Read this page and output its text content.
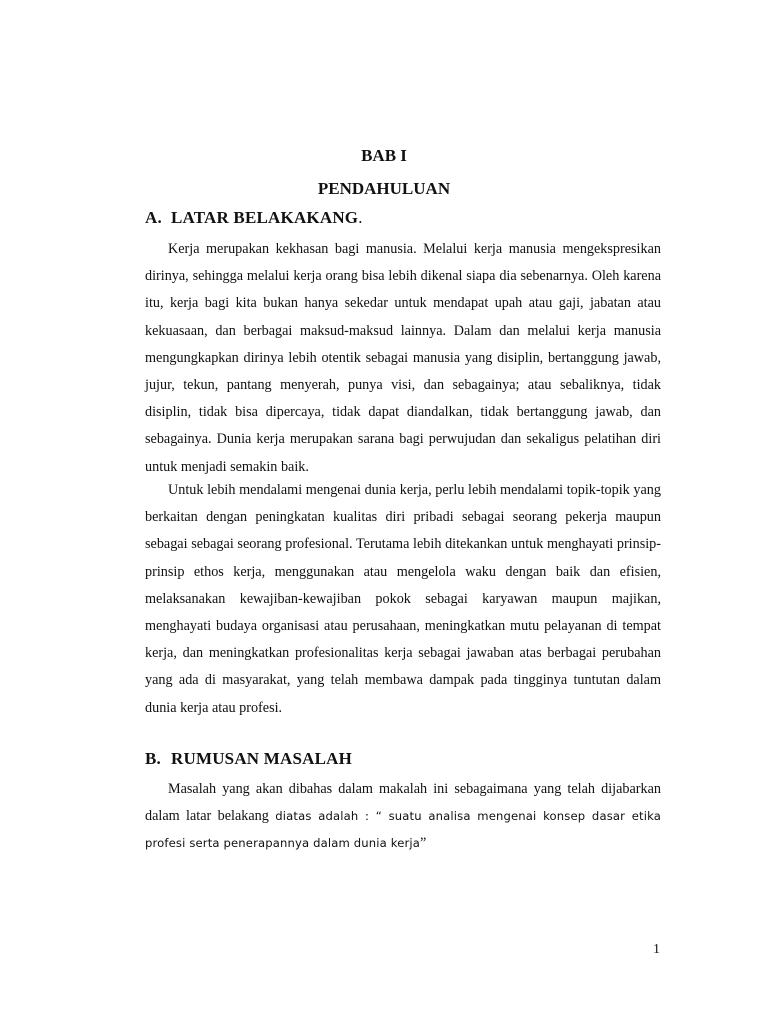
BAB I
PENDAHULUAN
A. LATAR BELAKAKANG.

Kerja merupakan kekhasan bagi manusia. Melalui kerja manusia mengekspresikan dirinya, sehingga melalui kerja orang bisa lebih dikenal siapa dia sebenarnya. Oleh karena itu, kerja bagi kita bukan hanya sekedar untuk mendapat upah atau gaji, jabatan atau kekuasaan, dan berbagai maksud-maksud lainnya. Dalam dan melalui kerja manusia mengungkapkan dirinya lebih otentik sebagai manusia yang disiplin, bertanggung jawab, jujur, tekun, pantang menyerah, punya visi, dan sebagainya; atau sebaliknya, tidak disiplin, tidak bisa dipercaya, tidak dapat diandalkan, tidak bertanggung jawab, dan sebagainya. Dunia kerja merupakan sarana bagi perwujudan dan sekaligus pelatihan diri untuk menjadi semakin baik.

Untuk lebih mendalami mengenai dunia kerja, perlu lebih mendalami topik-topik yang berkaitan dengan peningkatan kualitas diri pribadi sebagai seorang pekerja maupun sebagai sebagai seorang profesional. Terutama lebih ditekankan untuk menghayati prinsip-prinsip ethos kerja, menggunakan atau mengelola waku dengan baik dan efisien, melaksanakan kewajiban-kewajiban pokok sebagai karyawan maupun majikan, menghayati budaya organisasi atau perusahaan, meningkatkan mutu pelayanan di tempat kerja, dan meningkatkan profesionalitas kerja sebagai jawaban atas berbagai perubahan yang ada di masyarakat, yang telah membawa dampak pada tingginya tuntutan dalam dunia kerja atau profesi.

B. RUMUSAN MASALAH

Masalah yang akan dibahas dalam makalah ini sebagaimana yang telah dijabarkan dalam latar belakang diatas adalah : “ suatu analisa mengenai konsep dasar etika profesi serta penerapannya dalam dunia kerja”

1
